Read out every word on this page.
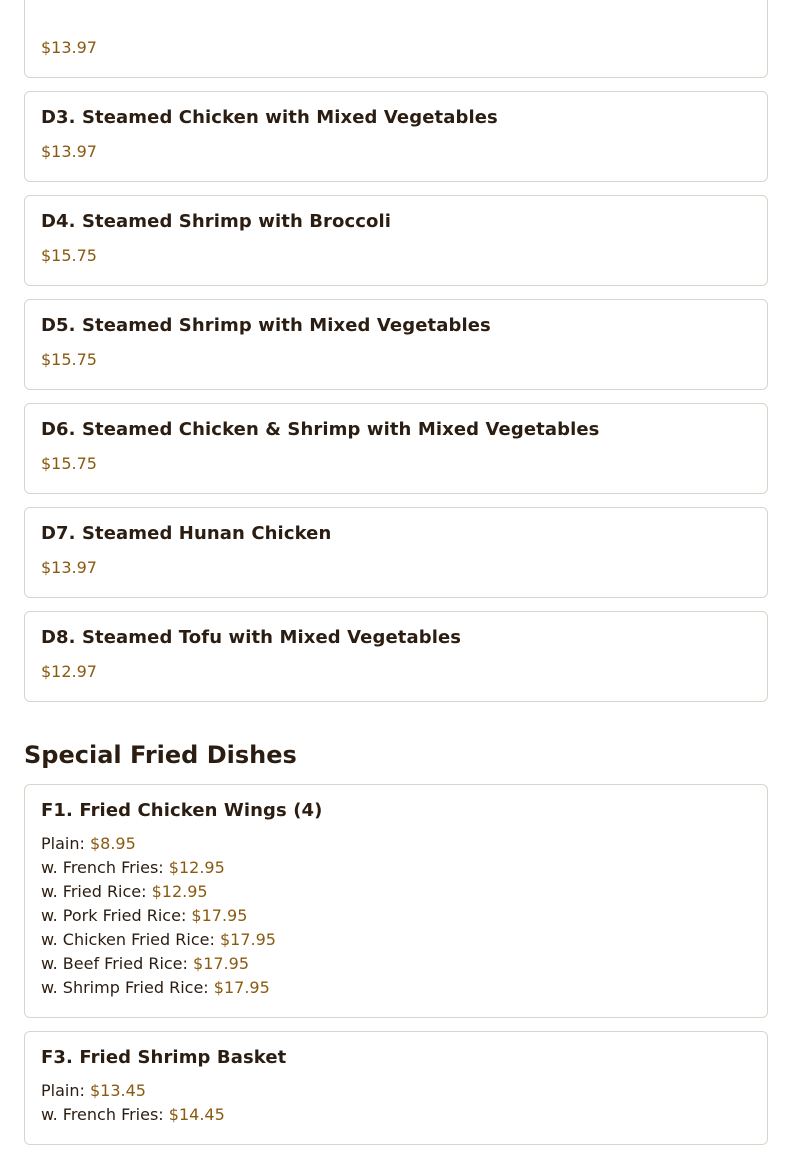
$13.97
D3. Steamed Chicken with Mixed Vegetables
$13.97
D4. Steamed Shrimp with Broccoli
$15.75
D5. Steamed Shrimp with Mixed Vegetables
$15.75
D6. Steamed Chicken & Shrimp with Mixed Vegetables
$15.75
D7. Steamed Hunan Chicken
$13.97
D8. Steamed Tofu with Mixed Vegetables
$12.97
Special Fried Dishes
F1. Fried Chicken Wings (4)
Plain: $8.95
w. French Fries: $12.95
w. Fried Rice: $12.95
w. Pork Fried Rice: $17.95
w. Chicken Fried Rice: $17.95
w. Beef Fried Rice: $17.95
w. Shrimp Fried Rice: $17.95
F3. Fried Shrimp Basket
Plain: $13.45
w. French Fries: $14.45
